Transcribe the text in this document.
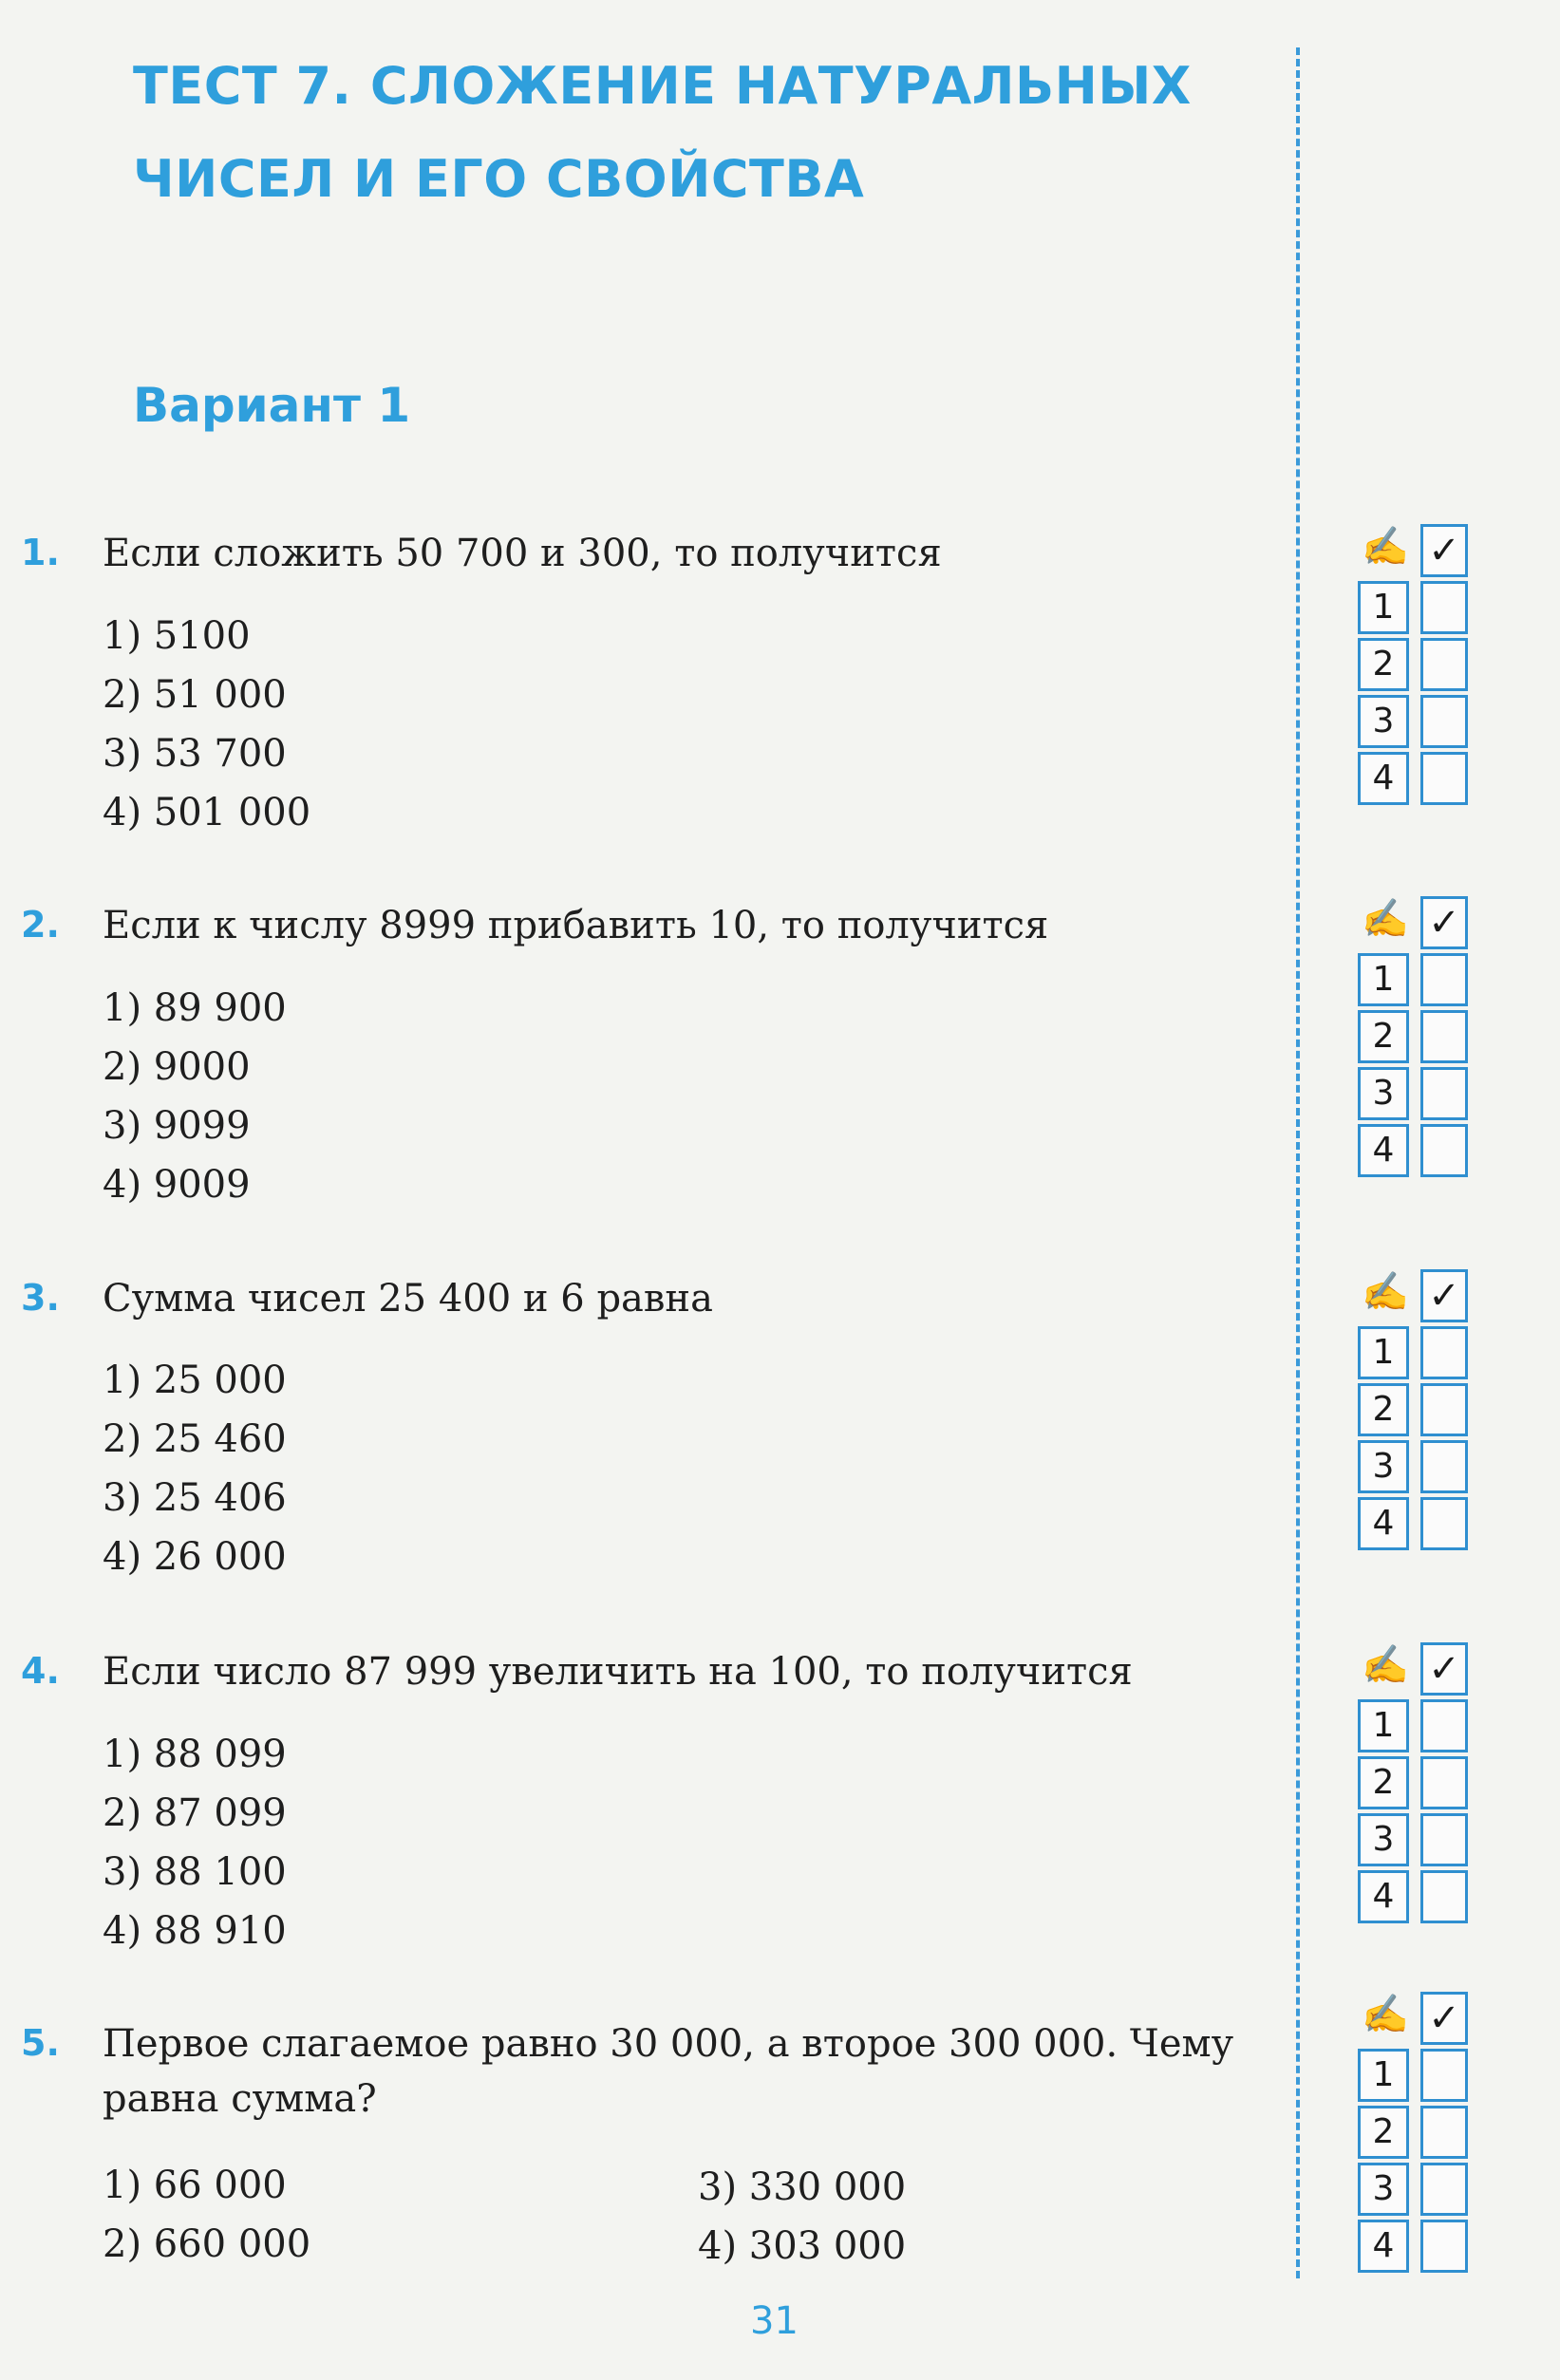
ТЕСТ 7. СЛОЖЕНИЕ НАТУРАЛЬНЫХ
ЧИСЕЛ И ЕГО СВОЙСТВА
Вариант 1
1. Если сложить 50 700 и 300, то получится

1) 5100
2) 51 000
3) 53 700
4) 501 000
2. Если к числу 8999 прибавить 10, то получится

1) 89 900
2) 9000
3) 9099
4) 9009
3. Сумма чисел 25 400 и 6 равна

1) 25 000
2) 25 460
3) 25 406
4) 26 000
4. Если число 87 999 увеличить на 100, то получится

1) 88 099
2) 87 099
3) 88 100
4) 88 910
5. Первое слагаемое равно 30 000, а второе 300 000. Чему равна сумма?

1) 66 000
2) 660 000
3) 330 000
4) 303 000
✍ ✓
1
2
3
4
✍ ✓
1
2
3
4
✍ ✓
1
2
3
4
✍ ✓
1
2
3
4
✍ ✓
1
2
3
4
31
